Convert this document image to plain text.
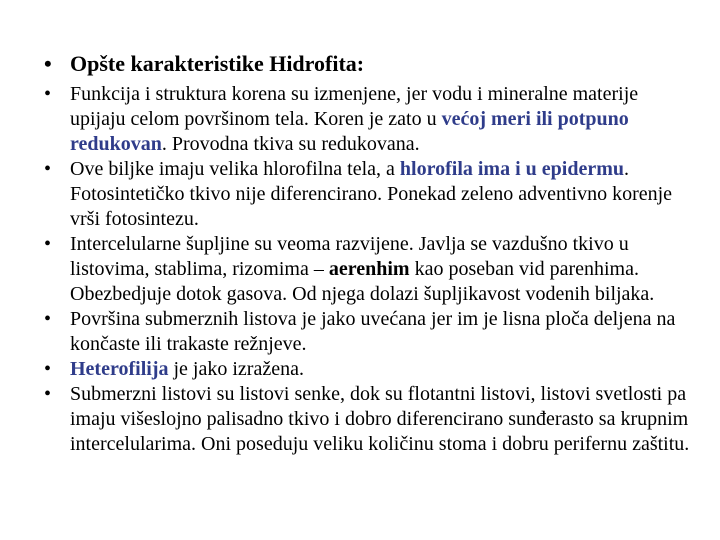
• Opšte karakteristike Hidrofita:
• Funkcija i struktura korena su izmenjene, jer vodu i mineralne materije upijaju celom površinom tela. Koren je zato u većoj meri ili potpuno redukovan. Provodna tkiva su redukovana.
• Ove biljke imaju velika hlorofilna tela, a hlorofila ima i u epidermu. Fotosintetičko tkivo nije diferencirano. Ponekad zeleno adventivno korenje vrši fotosintezu.
• Intercelularne šupljine su veoma razvijene. Javlja se vazdušno tkivo u listovima, stablima, rizomima – aerenhim kao poseban vid parenhima. Obezbedjuje dotok gasova. Od njega dolazi šupljikavost vodenih biljaka.
• Površina submerznih listova je jako uvećana jer im je lisna ploča deljena na končaste ili trakaste režnjeve.
• Heterofilija je jako izražena.
• Submerzni listovi su listovi senke, dok su flotantni listovi, listovi svetlosti pa imaju višeslojno palisadno tkivo i dobro diferencirano sunđerasto sa krupnim intercelularima. Oni poseduju veliku količinu stoma i dobru perifernu zaštitu.
